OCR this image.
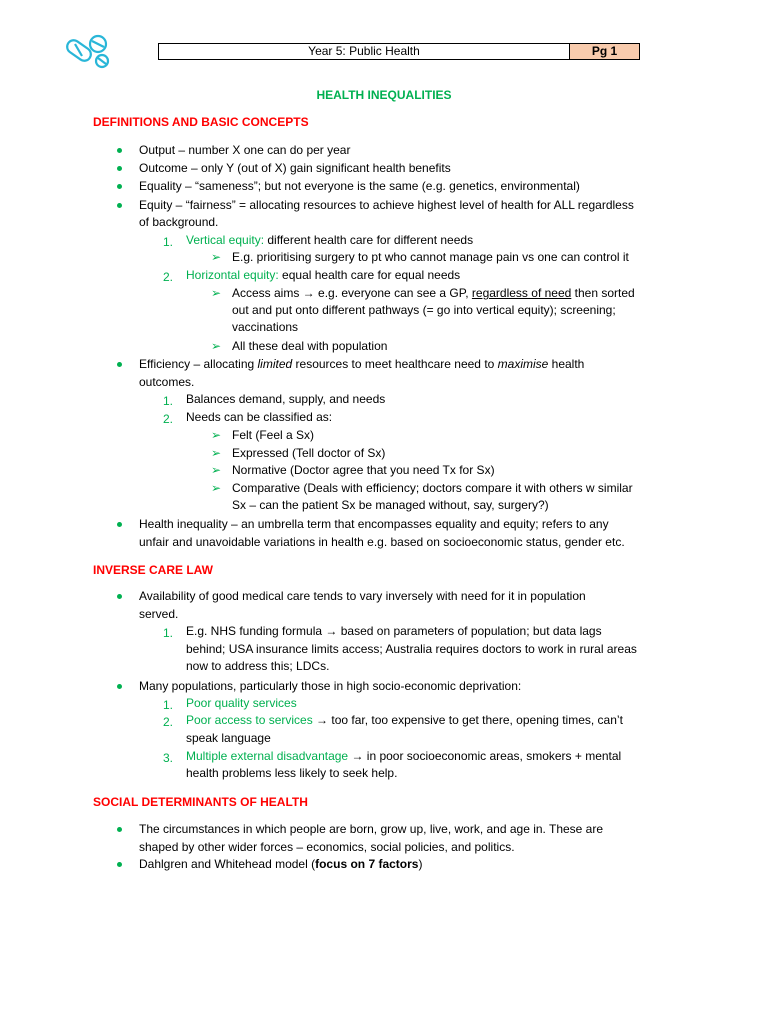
Year 5: Public Health	Pg 1
HEALTH INEQUALITIES
DEFINITIONS AND BASIC CONCEPTS
Output – number X one can do per year
Outcome – only Y (out of X) gain significant health benefits
Equality – “sameness”; but not everyone is the same (e.g. genetics, environmental)
Equity – “fairness” = allocating resources to achieve highest level of health for ALL regardless
of background.
1. Vertical equity: different health care for different needs
➢ E.g. prioritising surgery to pt who cannot manage pain vs one can control it
2. Horizontal equity: equal health care for equal needs
➢ Access aims → e.g. everyone can see a GP, regardless of need then sorted
out and put onto different pathways (= go into vertical equity); screening;
vaccinations
➢ All these deal with population
Efficiency – allocating limited resources to meet healthcare need to maximise health
outcomes.
1. Balances demand, supply, and needs
2. Needs can be classified as:
➢ Felt (Feel a Sx)
➢ Expressed (Tell doctor of Sx)
➢ Normative (Doctor agree that you need Tx for Sx)
➢ Comparative (Deals with efficiency; doctors compare it with others w similar
Sx – can the patient Sx be managed without, say, surgery?)
Health inequality – an umbrella term that encompasses equality and equity; refers to any
unfair and unavoidable variations in health e.g. based on socioeconomic status, gender etc.
INVERSE CARE LAW
Availability of good medical care tends to vary inversely with need for it in population
served.
1. E.g. NHS funding formula → based on parameters of population; but data lags
behind; USA insurance limits access; Australia requires doctors to work in rural areas
now to address this; LDCs.
Many populations, particularly those in high socio-economic deprivation:
1. Poor quality services
2. Poor access to services → too far, too expensive to get there, opening times, can’t
speak language
3. Multiple external disadvantage → in poor socioeconomic areas, smokers + mental
health problems less likely to seek help.
SOCIAL DETERMINANTS OF HEALTH
The circumstances in which people are born, grow up, live, work, and age in. These are
shaped by other wider forces – economics, social policies, and politics.
Dahlgren and Whitehead model (focus on 7 factors)
